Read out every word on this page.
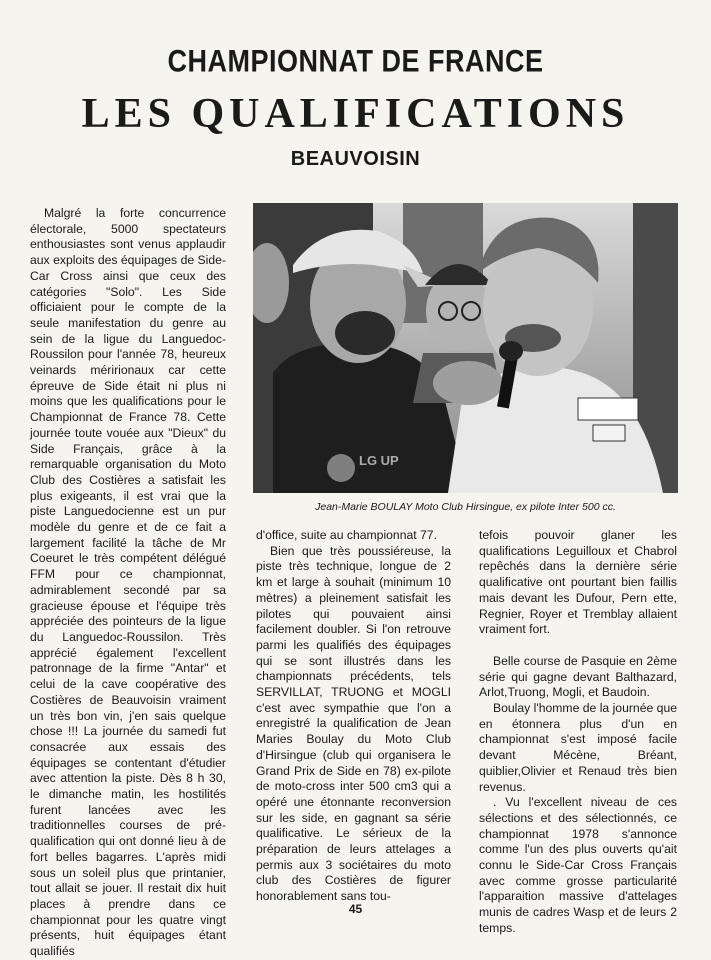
CHAMPIONNAT DE FRANCE
LES QUALIFICATIONS
BEAUVOISIN

Malgré la forte concurrence électorale, 5000 spectateurs enthousiastes sont venus applaudir aux exploits des équipages de Side-Car Cross ainsi que ceux des catégories "Solo". Les Side officiaient pour le compte de la seule manifestation du genre au sein de la ligue du Languedoc-Roussilon pour l'année 78, heureux veinards méririonaux car cette épreuve de Side était ni plus ni moins que les qualifications pour le Championnat de France 78. Cette journée toute vouée aux "Dieux" du Side Français, grâce à la remarquable organisation du Moto Club des Costières a satisfait les plus exigeants, il est vrai que la piste Languedocienne est un pur modèle du genre et de ce fait a largement facilité la tâche de Mr Coeuret le très compétent délégué FFM pour ce championnat, admirablement secondé par sa gracieuse épouse et l'équipe très appréciée des pointeurs de la ligue du Languedoc-Roussilon. Très apprécié également l'excellent patronnage de la firme "Antar" et celui de la cave coopérative des Costières de Beauvoisin vraiment un très bon vin, j'en sais quelque chose !!! La journée du samedi fut consacrée aux essais des équipages se contentant d'étudier avec attention la piste. Dès 8 h 30, le dimanche matin, les hostilités furent lancées avec les traditionnelles courses de pré-qualification qui ont donné lieu à de fort belles bagarres. L'après midi sous un soleil plus que printanier, tout allait se jouer. Il restait dix huit places à prendre dans ce championnat pour les quatre vingt présents, huit équipages étant qualifiés

LG UP
Jean-Marie BOULAY Moto Club Hirsingue, ex pilote Inter 500 cc.

d'office, suite au championnat 77.

Bien que très poussiéreuse, la piste très technique, longue de 2 km et large à souhait (minimum 10 mètres) a pleinement satisfait les pilotes qui pouvaient ainsi facilement doubler. Si l'on retrouve parmi les qualifiés des équipages qui se sont illustrés dans les championnats précédents, tels SERVILLAT, TRUONG et MOGLI c'est avec sympathie que l'on a enregistré la qualification de Jean Maries Boulay du Moto Club d'Hirsingue (club qui organisera le Grand Prix de Side en 78) ex-pilote de moto-cross inter 500 cm3 qui a opéré une étonnante reconversion sur les side, en gagnant sa série qualificative. Le sérieux de la préparation de leurs attelages a permis aux 3 sociétaires du moto club des Costières de figurer honorablement sans tou-

tefois pouvoir glaner les qualifications Leguilloux et Chabrol repêchés dans la dernière série qualificative ont pourtant bien faillis mais devant les Dufour, Pern ette, Regnier, Royer et Tremblay allaient vraiment fort.

Belle course de Pasquie en 2ème série qui gagne devant Balthazard, Arlot,Truong, Mogli, et Baudoin.

Boulay l'homme de la journée que en étonnera plus d'un en championnat s'est imposé facile devant Mécène, Bréant, quiblier,Olivier et Renaud très bien revenus.

. Vu l'excellent niveau de ces sélections et des sélectionnés, ce championnat 1978 s'annonce comme l'un des plus ouverts qu'ait connu le Side-Car Cross Français avec comme grosse particularité l'apparaition massive d'attelages munis de cadres Wasp et de leurs 2 temps.

45
